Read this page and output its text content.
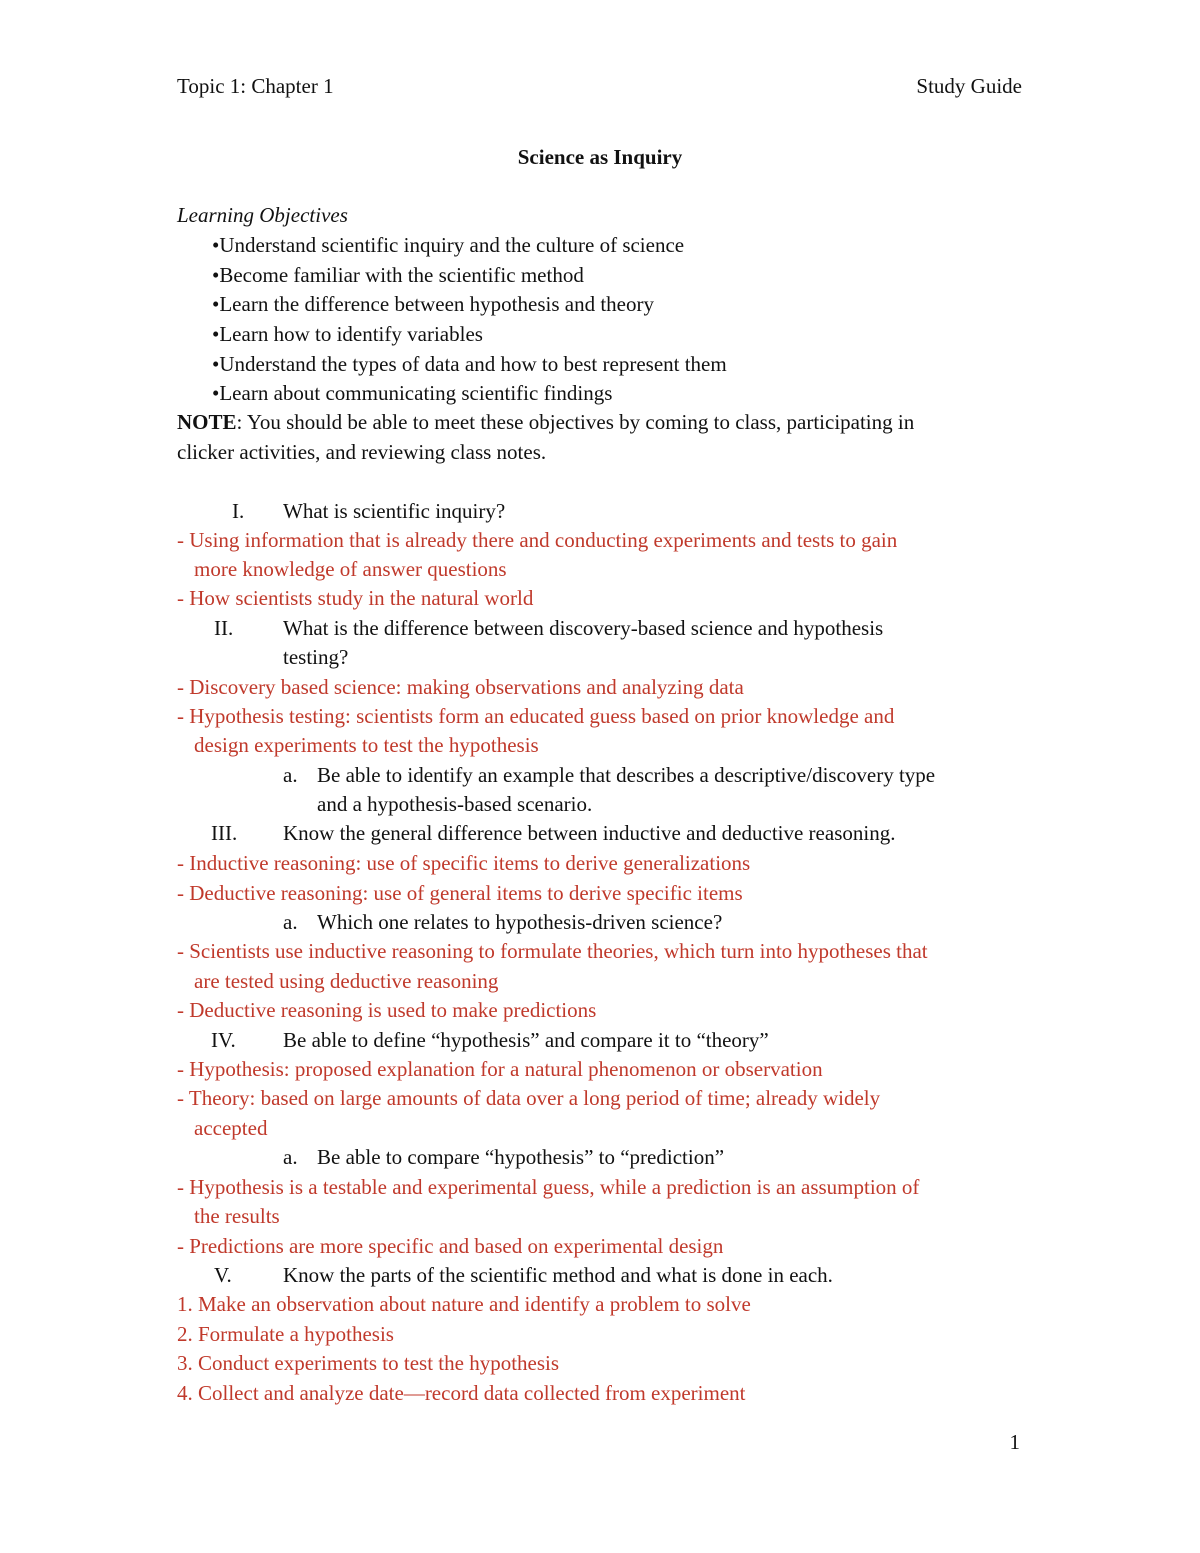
Topic 1: Chapter 1	Study Guide
Science as Inquiry
Learning Objectives
•Understand scientific inquiry and the culture of science
•Become familiar with the scientific method
•Learn the difference between hypothesis and theory
•Learn how to identify variables
•Understand the types of data and how to best represent them
•Learn about communicating scientific findings
NOTE: You should be able to meet these objectives by coming to class, participating in
clicker activities, and reviewing class notes.
I. What is scientific inquiry?
- Using information that is already there and conducting experiments and tests to gain
more knowledge of answer questions
- How scientists study in the natural world
II. What is the difference between discovery-based science and hypothesis
testing?
- Discovery based science: making observations and analyzing data
- Hypothesis testing: scientists form an educated guess based on prior knowledge and
design experiments to test the hypothesis
a. Be able to identify an example that describes a descriptive/discovery type
and a hypothesis-based scenario.
III. Know the general difference between inductive and deductive reasoning.
- Inductive reasoning: use of specific items to derive generalizations
- Deductive reasoning: use of general items to derive specific items
a. Which one relates to hypothesis-driven science?
- Scientists use inductive reasoning to formulate theories, which turn into hypotheses that
are tested using deductive reasoning
- Deductive reasoning is used to make predictions
IV. Be able to define “hypothesis” and compare it to “theory”
- Hypothesis: proposed explanation for a natural phenomenon or observation
- Theory: based on large amounts of data over a long period of time; already widely
accepted
a. Be able to compare “hypothesis” to “prediction”
- Hypothesis is a testable and experimental guess, while a prediction is an assumption of
the results
- Predictions are more specific and based on experimental design
V. Know the parts of the scientific method and what is done in each.
1. Make an observation about nature and identify a problem to solve
2. Formulate a hypothesis
3. Conduct experiments to test the hypothesis
4. Collect and analyze date—record data collected from experiment
1
